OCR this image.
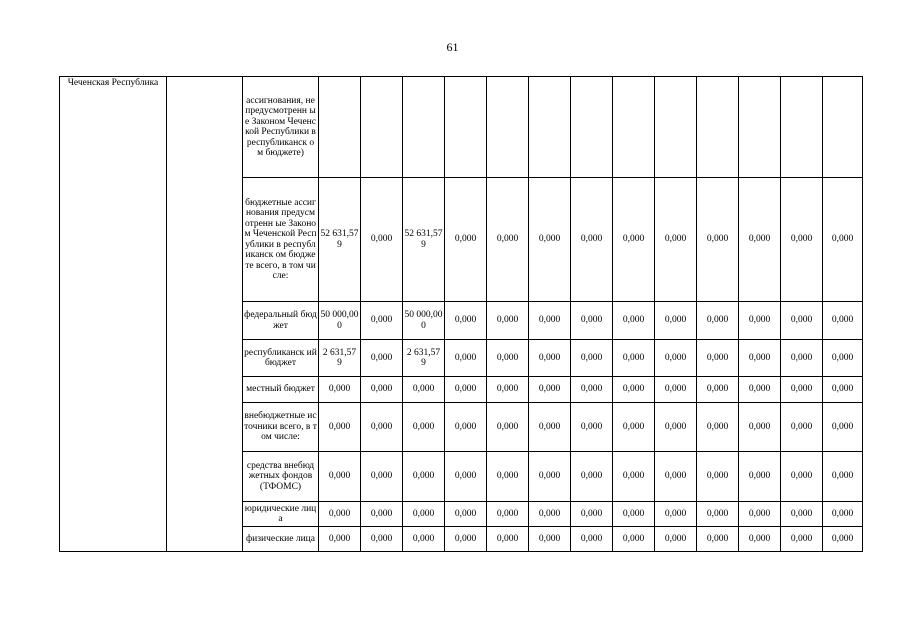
61
Чеченская Республика		ассигнования, не предусмотренн ые Законом Чеченской Республики в республиканск ом бюджете)													
		бюджетные ассигнования предусмотренн ые Законом Чеченской Республики в республиканск ом бюджете всего, в том числе:	52 631,57 9	0,000	52 631,57 9	0,000	0,000	0,000	0,000	0,000	0,000	0,000	0,000	0,000	0,000
		федеральный бюджет	50 000,00 0	0,000	50 000,00 0	0,000	0,000	0,000	0,000	0,000	0,000	0,000	0,000	0,000	0,000
		республиканск ий бюджет	2 631,57 9	0,000	2 631,57 9	0,000	0,000	0,000	0,000	0,000	0,000	0,000	0,000	0,000	0,000
		местный бюджет	0,000	0,000	0,000	0,000	0,000	0,000	0,000	0,000	0,000	0,000	0,000	0,000	0,000
		внебюджетные источники всего, в том числе:	0,000	0,000	0,000	0,000	0,000	0,000	0,000	0,000	0,000	0,000	0,000	0,000	0,000
		средства внебюджетных фондов (ТФОМС)	0,000	0,000	0,000	0,000	0,000	0,000	0,000	0,000	0,000	0,000	0,000	0,000	0,000
		юридические лица	0,000	0,000	0,000	0,000	0,000	0,000	0,000	0,000	0,000	0,000	0,000	0,000	0,000
		физические лица	0,000	0,000	0,000	0,000	0,000	0,000	0,000	0,000	0,000	0,000	0,000	0,000	0,000
